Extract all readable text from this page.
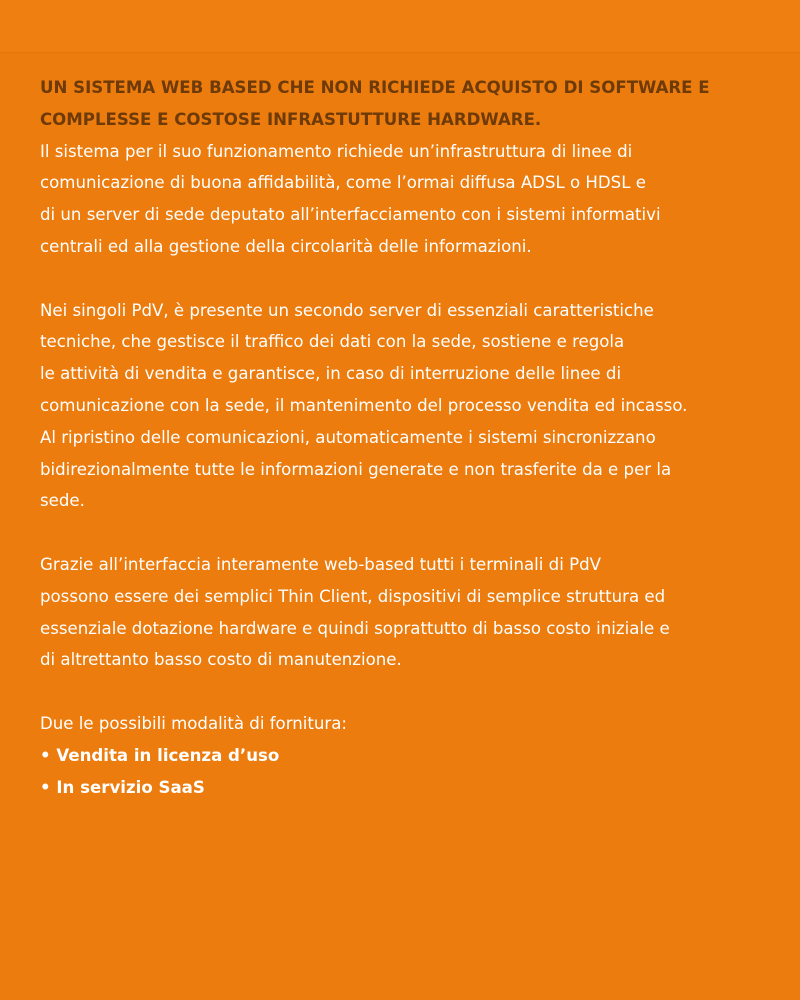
UN SISTEMA WEB BASED CHE NON RICHIEDE ACQUISTO DI SOFTWARE E
COMPLESSE E COSTOSE INFRASTUTTURE HARDWARE.
Il sistema per il suo funzionamento richiede un’infrastruttura di linee di
comunicazione di buona affidabilità, come l’ormai diffusa ADSL o HDSL e
di un server di sede deputato all’interfacciamento con i sistemi informativi
centrali ed alla gestione della circolarità delle informazioni.
Nei singoli PdV, è presente un secondo server di essenziali caratteristiche
tecniche, che gestisce il traffico dei dati con la sede, sostiene e regola
le attività di vendita e garantisce, in caso di interruzione delle linee di
comunicazione con la sede, il mantenimento del processo vendita ed incasso.
Al ripristino delle comunicazioni, automaticamente i sistemi sincronizzano
bidirezionalmente tutte le informazioni generate e non trasferite da e per la
sede.
Grazie all’interfaccia interamente web-based tutti i terminali di PdV
possono essere dei semplici Thin Client, dispositivi di semplice struttura ed
essenziale dotazione hardware e quindi soprattutto di basso costo iniziale e
di altrettanto basso costo di manutenzione.
Due le possibili modalità di fornitura:
• Vendita in licenza d’uso
• In servizio SaaS
